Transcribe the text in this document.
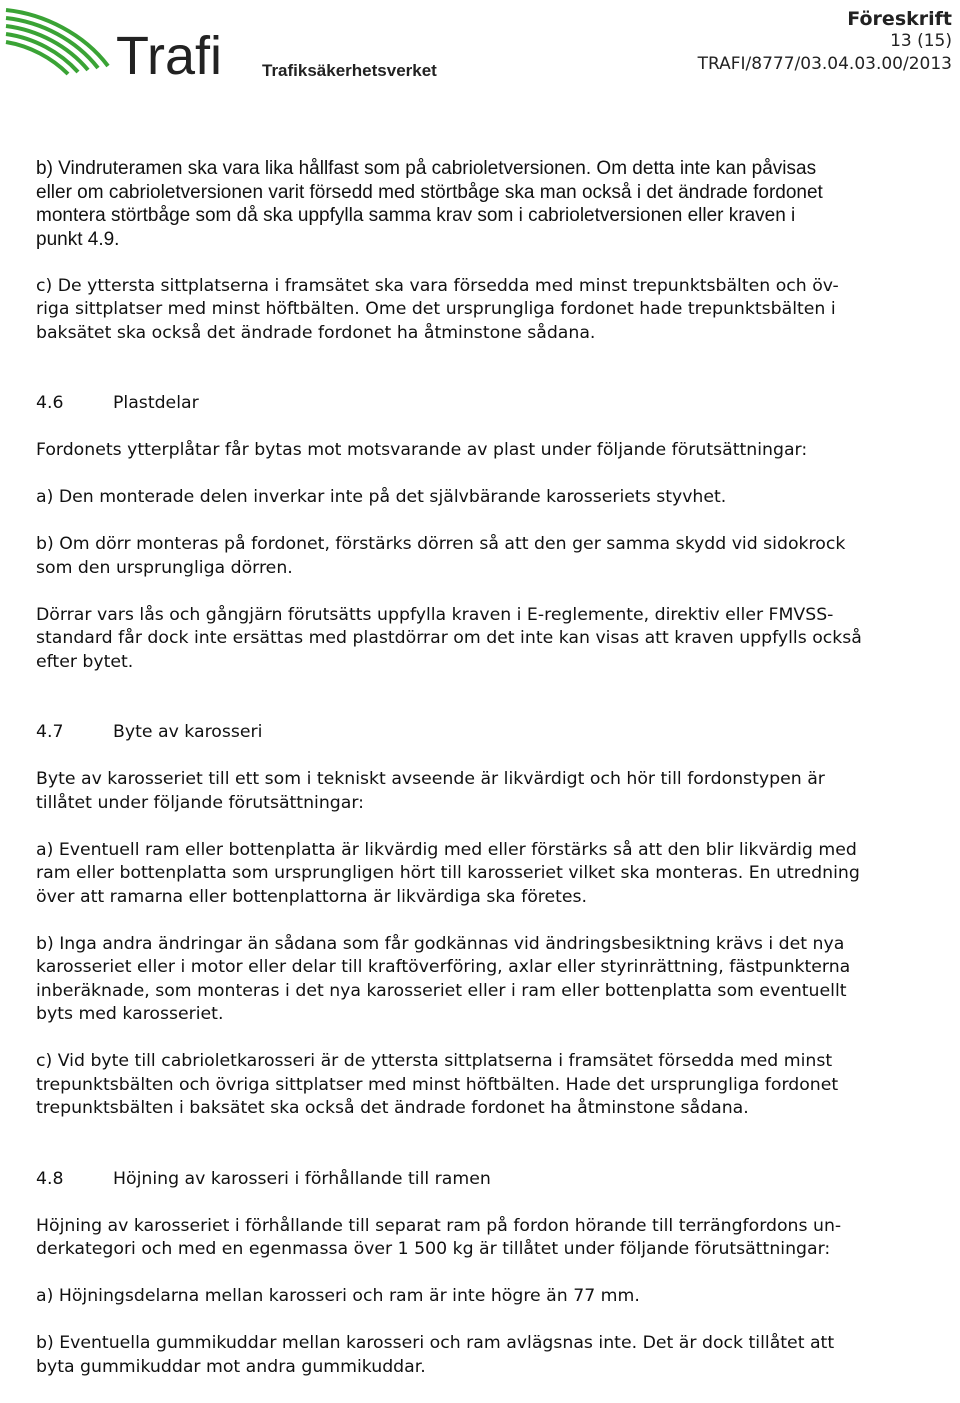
Trafi Trafiksäkerhetsverket
Föreskrift
13 (15)
TRAFI/8777/03.04.03.00/2013
b) Vindruteramen ska vara lika hållfast som på cabrioletversionen. Om detta inte kan påvisas
eller om cabrioletversionen varit försedd med störtbåge ska man också i det ändrade fordonet
montera störtbåge som då ska uppfylla samma krav som i cabrioletversionen eller kraven i
punkt 4.9.
c) De yttersta sittplatserna i framsätet ska vara försedda med minst trepunktsbälten och öv-
riga sittplatser med minst höftbälten. Ome det ursprungliga fordonet hade trepunktsbälten i
baksätet ska också det ändrade fordonet ha åtminstone sådana.
4.6	Plastdelar
Fordonets ytterplåtar får bytas mot motsvarande av plast under följande förutsättningar:
a) Den monterade delen inverkar inte på det självbärande karosseriets styvhet.
b) Om dörr monteras på fordonet, förstärks dörren så att den ger samma skydd vid sidokrock
som den ursprungliga dörren.
Dörrar vars lås och gångjärn förutsätts uppfylla kraven i E-reglemente, direktiv eller FMVSS-
standard får dock inte ersättas med plastdörrar om det inte kan visas att kraven uppfylls också
efter bytet.
4.7	Byte av karosseri
Byte av karosseriet till ett som i tekniskt avseende är likvärdigt och hör till fordonstypen är
tillåtet under följande förutsättningar:
a) Eventuell ram eller bottenplatta är likvärdig med eller förstärks så att den blir likvärdig med
ram eller bottenplatta som ursprungligen hört till karosseriet vilket ska monteras. En utredning
över att ramarna eller bottenplattorna är likvärdiga ska företes.
b) Inga andra ändringar än sådana som får godkännas vid ändringsbesiktning krävs i det nya
karosseriet eller i motor eller delar till kraftöverföring, axlar eller styrinrättning, fästpunkterna
inberäknade, som monteras i det nya karosseriet eller i ram eller bottenplatta som eventuellt
byts med karosseriet.
c) Vid byte till cabrioletkarosseri är de yttersta sittplatserna i framsätet försedda med minst
trepunktsbälten och övriga sittplatser med minst höftbälten. Hade det ursprungliga fordonet
trepunktsbälten i baksätet ska också det ändrade fordonet ha åtminstone sådana.
4.8	Höjning av karosseri i förhållande till ramen
Höjning av karosseriet i förhållande till separat ram på fordon hörande till terrängfordons un-
derkategori och med en egenmassa över 1 500 kg är tillåtet under följande förutsättningar:
a) Höjningsdelarna mellan karosseri och ram är inte högre än 77 mm.
b) Eventuella gummikuddar mellan karosseri och ram avlägsnas inte. Det är dock tillåtet att
byta gummikuddar mot andra gummikuddar.
